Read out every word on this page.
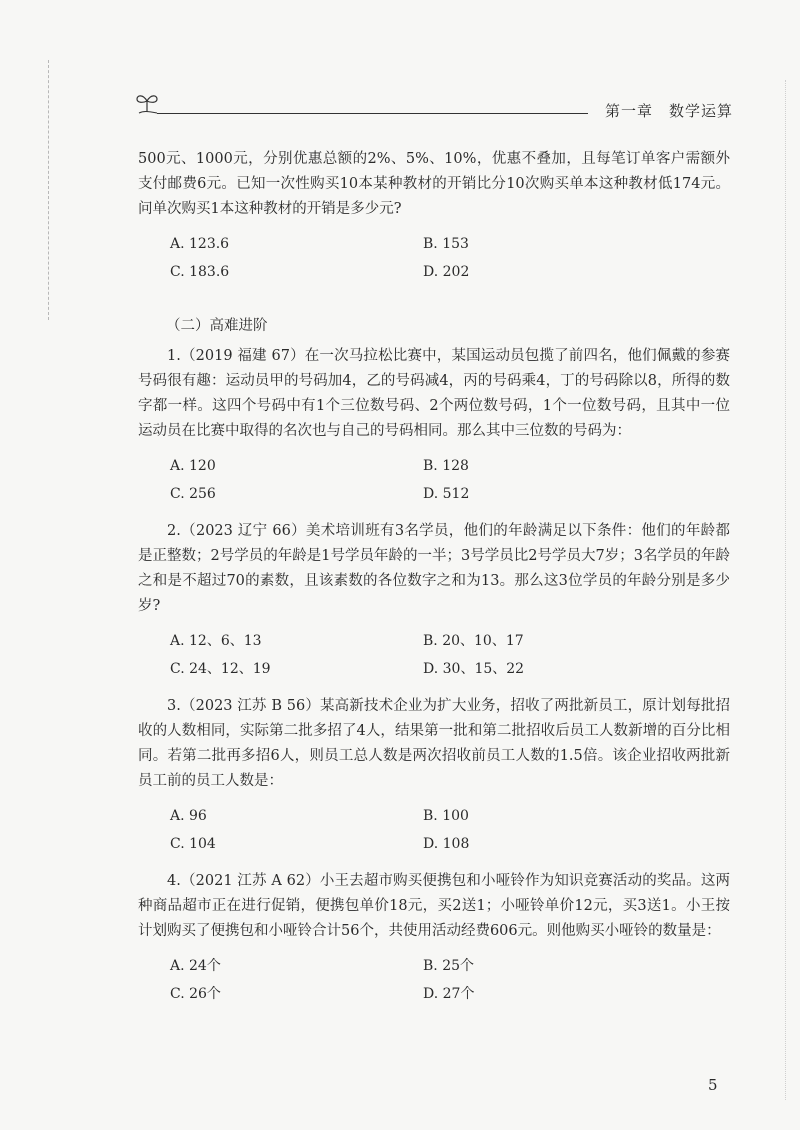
第一章　数学运算

500元、1000元，分别优惠总额的2%、5%、10%，优惠不叠加，且每笔订单客户需额外支付邮费6元。已知一次性购买10本某种教材的开销比分10次购买单本这种教材低174元。问单次购买1本这种教材的开销是多少元?

A. 123.6	B. 153
C. 183.6	D. 202
（二）高难进阶

1.（2019 福建 67）在一次马拉松比赛中，某国运动员包揽了前四名，他们佩戴的参赛号码很有趣：运动员甲的号码加4，乙的号码减4，丙的号码乘4，丁的号码除以8，所得的数字都一样。这四个号码中有1个三位数号码、2个两位数号码，1个一位数号码，且其中一位运动员在比赛中取得的名次也与自己的号码相同。那么其中三位数的号码为：

A. 120	B. 128
C. 256	D. 512

2.（2023 辽宁 66）美术培训班有3名学员，他们的年龄满足以下条件：他们的年龄都是正整数；2号学员的年龄是1号学员年龄的一半；3号学员比2号学员大7岁；3名学员的年龄之和是不超过70的素数，且该素数的各位数字之和为13。那么这3位学员的年龄分别是多少岁?

A. 12、6、13	B. 20、10、17
C. 24、12、19	D. 30、15、22

3.（2023 江苏 B 56）某高新技术企业为扩大业务，招收了两批新员工，原计划每批招收的人数相同，实际第二批多招了4人，结果第一批和第二批招收后员工人数新增的百分比相同。若第二批再多招6人，则员工总人数是两次招收前员工人数的1.5倍。该企业招收两批新员工前的员工人数是：

A. 96	B. 100
C. 104	D. 108

4.（2021 江苏 A 62）小王去超市购买便携包和小哑铃作为知识竞赛活动的奖品。这两种商品超市正在进行促销，便携包单价18元，买2送1；小哑铃单价12元，买3送1。小王按计划购买了便携包和小哑铃合计56个，共使用活动经费606元。则他购买小哑铃的数量是：

A. 24个	B. 25个
C. 26个	D. 27个
5
